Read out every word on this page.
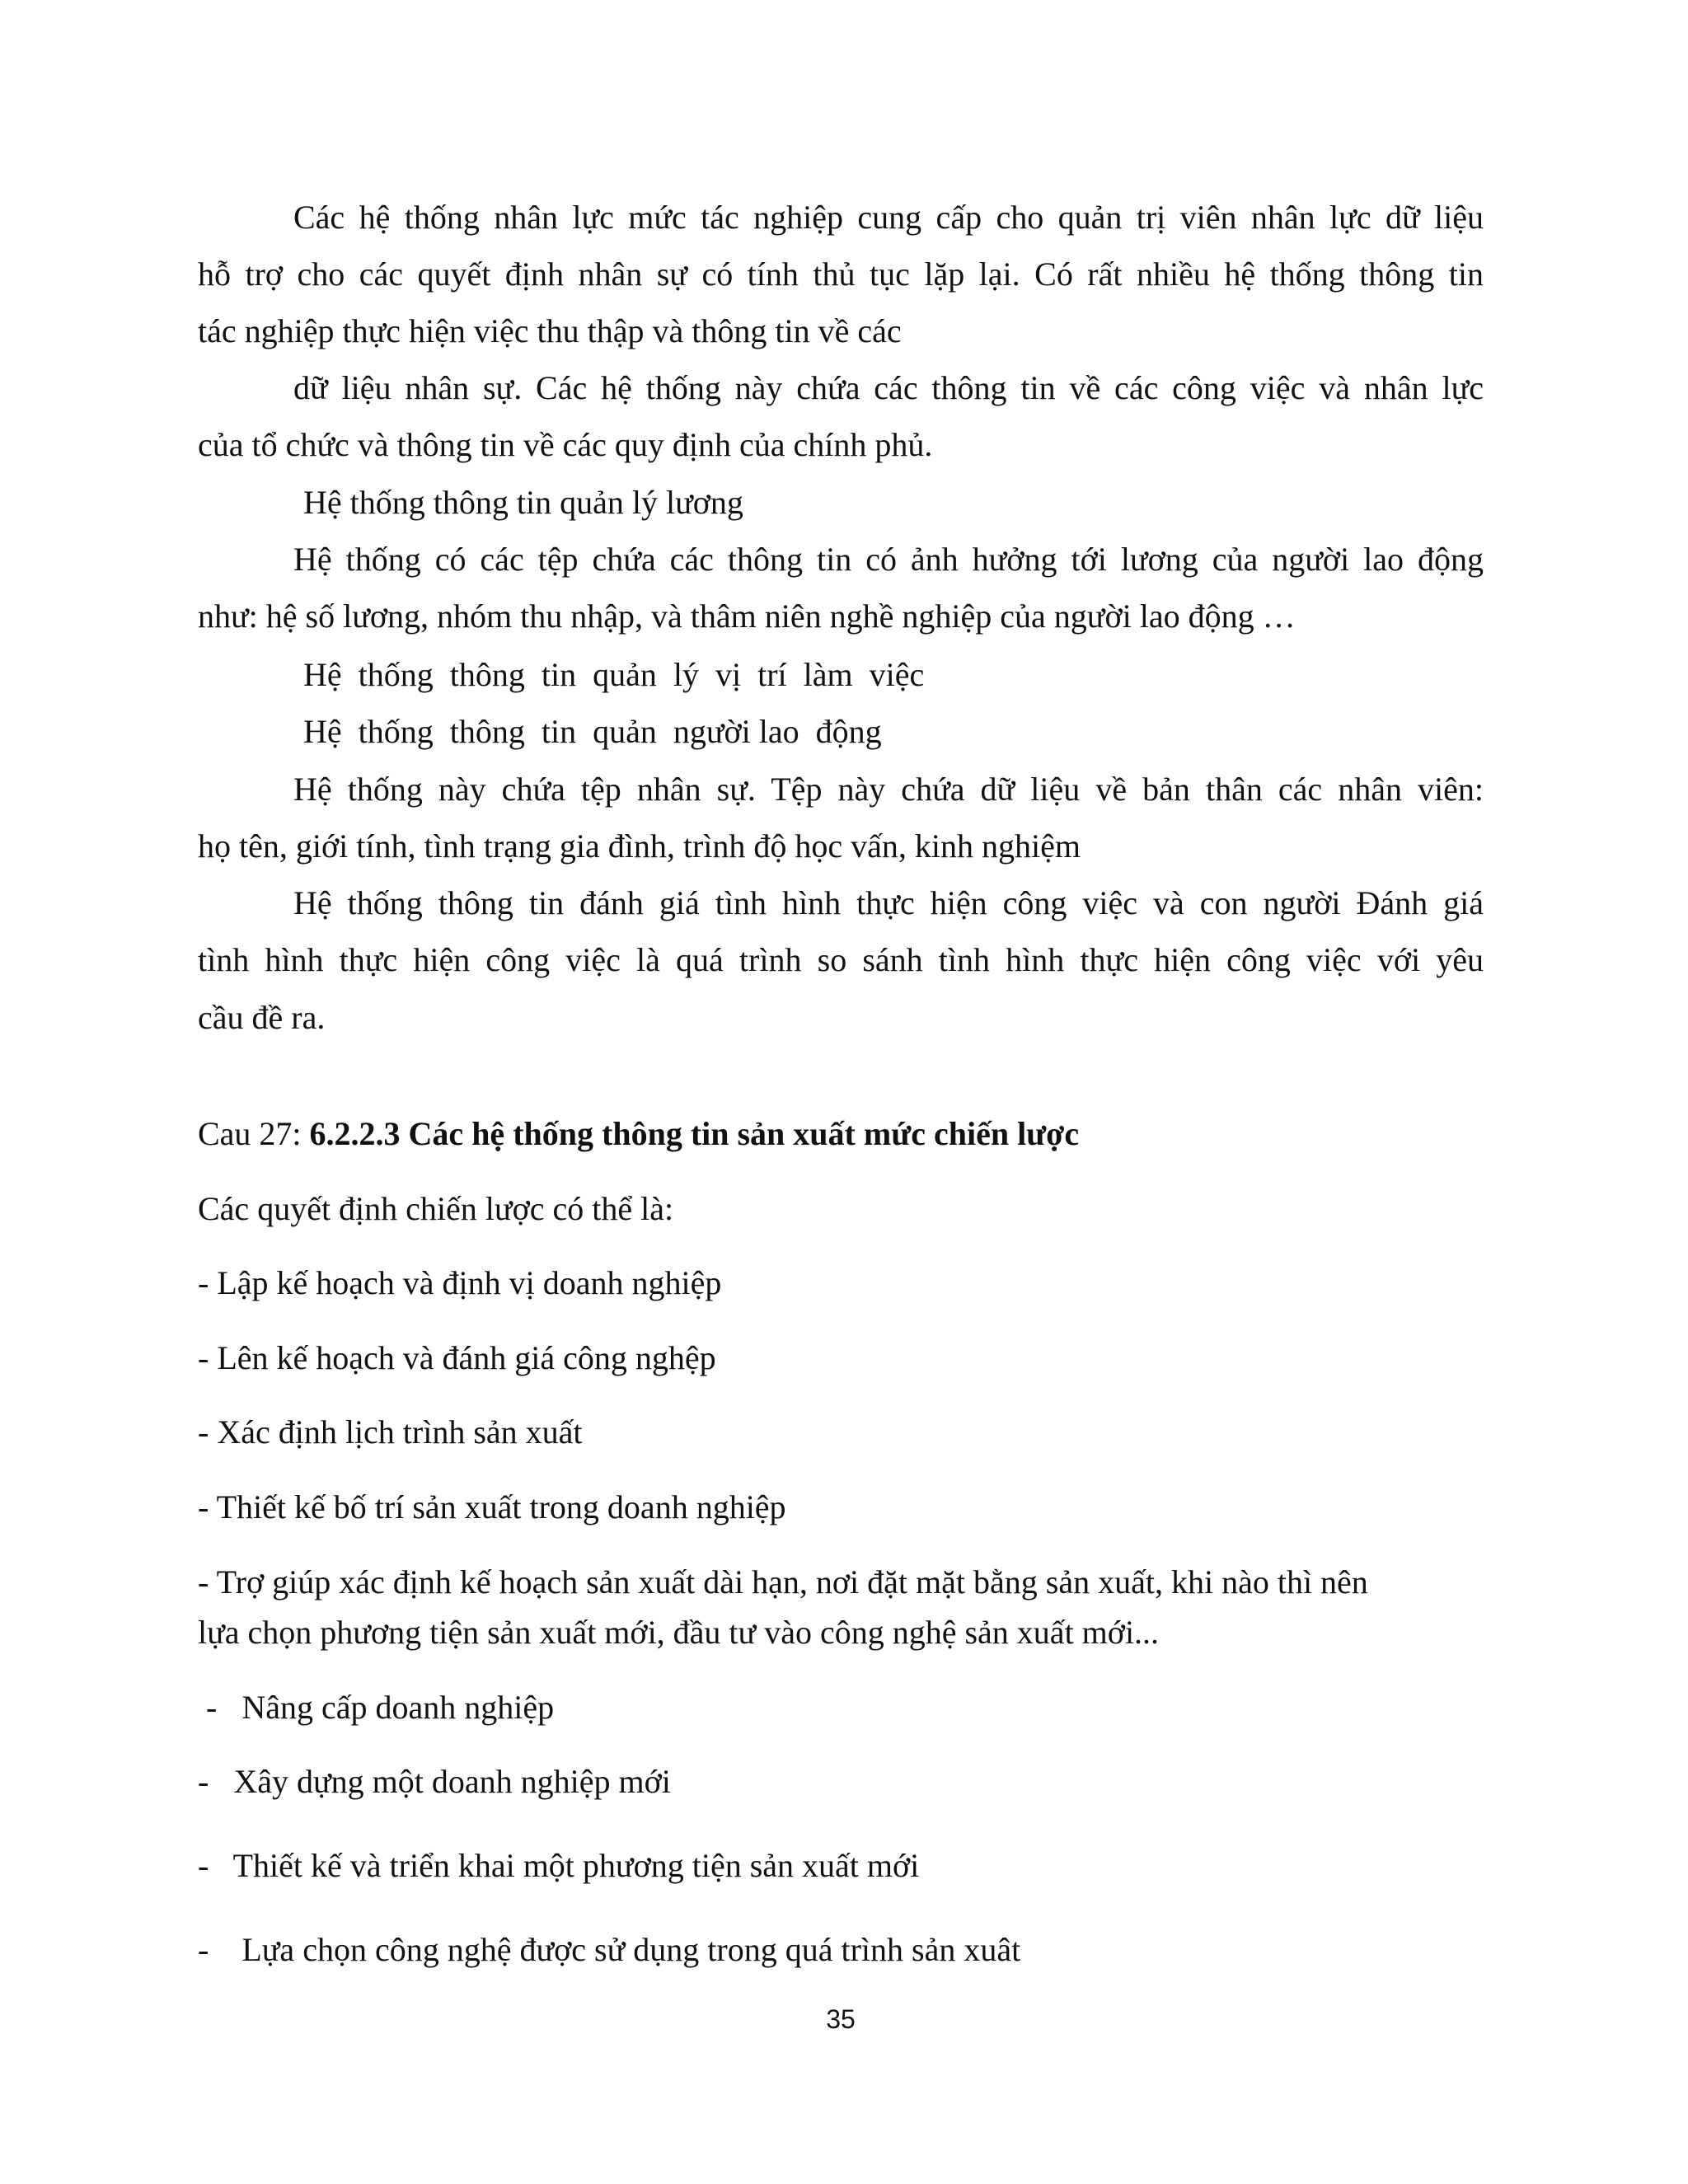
Các hệ thống nhân lực mức tác nghiệp cung cấp cho quản trị viên nhân lực dữ liệu
hỗ trợ cho các quyết định nhân sự có tính thủ tục lặp lại. Có rất nhiều hệ thống thông tin
tác nghiệp thực hiện việc thu thập và thông tin về các
dữ liệu nhân sự. Các hệ thống này chứa các thông tin về các công việc và nhân lực
của tổ chức và thông tin về các quy định của chính phủ.
Hệ thống thông tin quản lý lương
Hệ thống có các tệp chứa các thông tin có ảnh hưởng tới lương của người lao động
như: hệ số lương, nhóm thu nhập, và thâm niên nghề nghiệp của người lao động …
Hệ  thống  thông  tin  quản  lý  vị  trí  làm  việc
Hệ  thống  thông  tin  quản  người lao  động
Hệ thống này chứa tệp nhân sự. Tệp này chứa dữ liệu về bản thân các nhân viên:
họ tên, giới tính, tình trạng gia đình, trình độ học vấn, kinh nghiệm
Hệ thống thông tin đánh giá tình hình thực hiện công việc và con người Đánh giá
tình hình thực hiện công việc là quá trình so sánh tình hình thực hiện công việc với yêu
cầu đề ra.
Cau 27: 6.2.2.3 Các hệ thống thông tin sản xuất mức chiến lược
Các quyết định chiến lược có thể là:
- Lập kế hoạch và định vị doanh nghiệp
- Lên kế hoạch và đánh giá công nghệp
- Xác định lịch trình sản xuất
- Thiết kế bố trí sản xuất trong doanh nghiệp
- Trợ giúp xác định kế hoạch sản xuất dài hạn, nơi đặt mặt bằng sản xuất, khi nào thì nên
lựa chọn phương tiện sản xuất mới, đầu tư vào công nghệ sản xuất mới...
-   Nâng cấp doanh nghiệp
-   Xây dựng một doanh nghiệp mới
-   Thiết kế và triển khai một phương tiện sản xuất mới
-    Lựa chọn công nghệ được sử dụng trong quá trình sản xuât
35
